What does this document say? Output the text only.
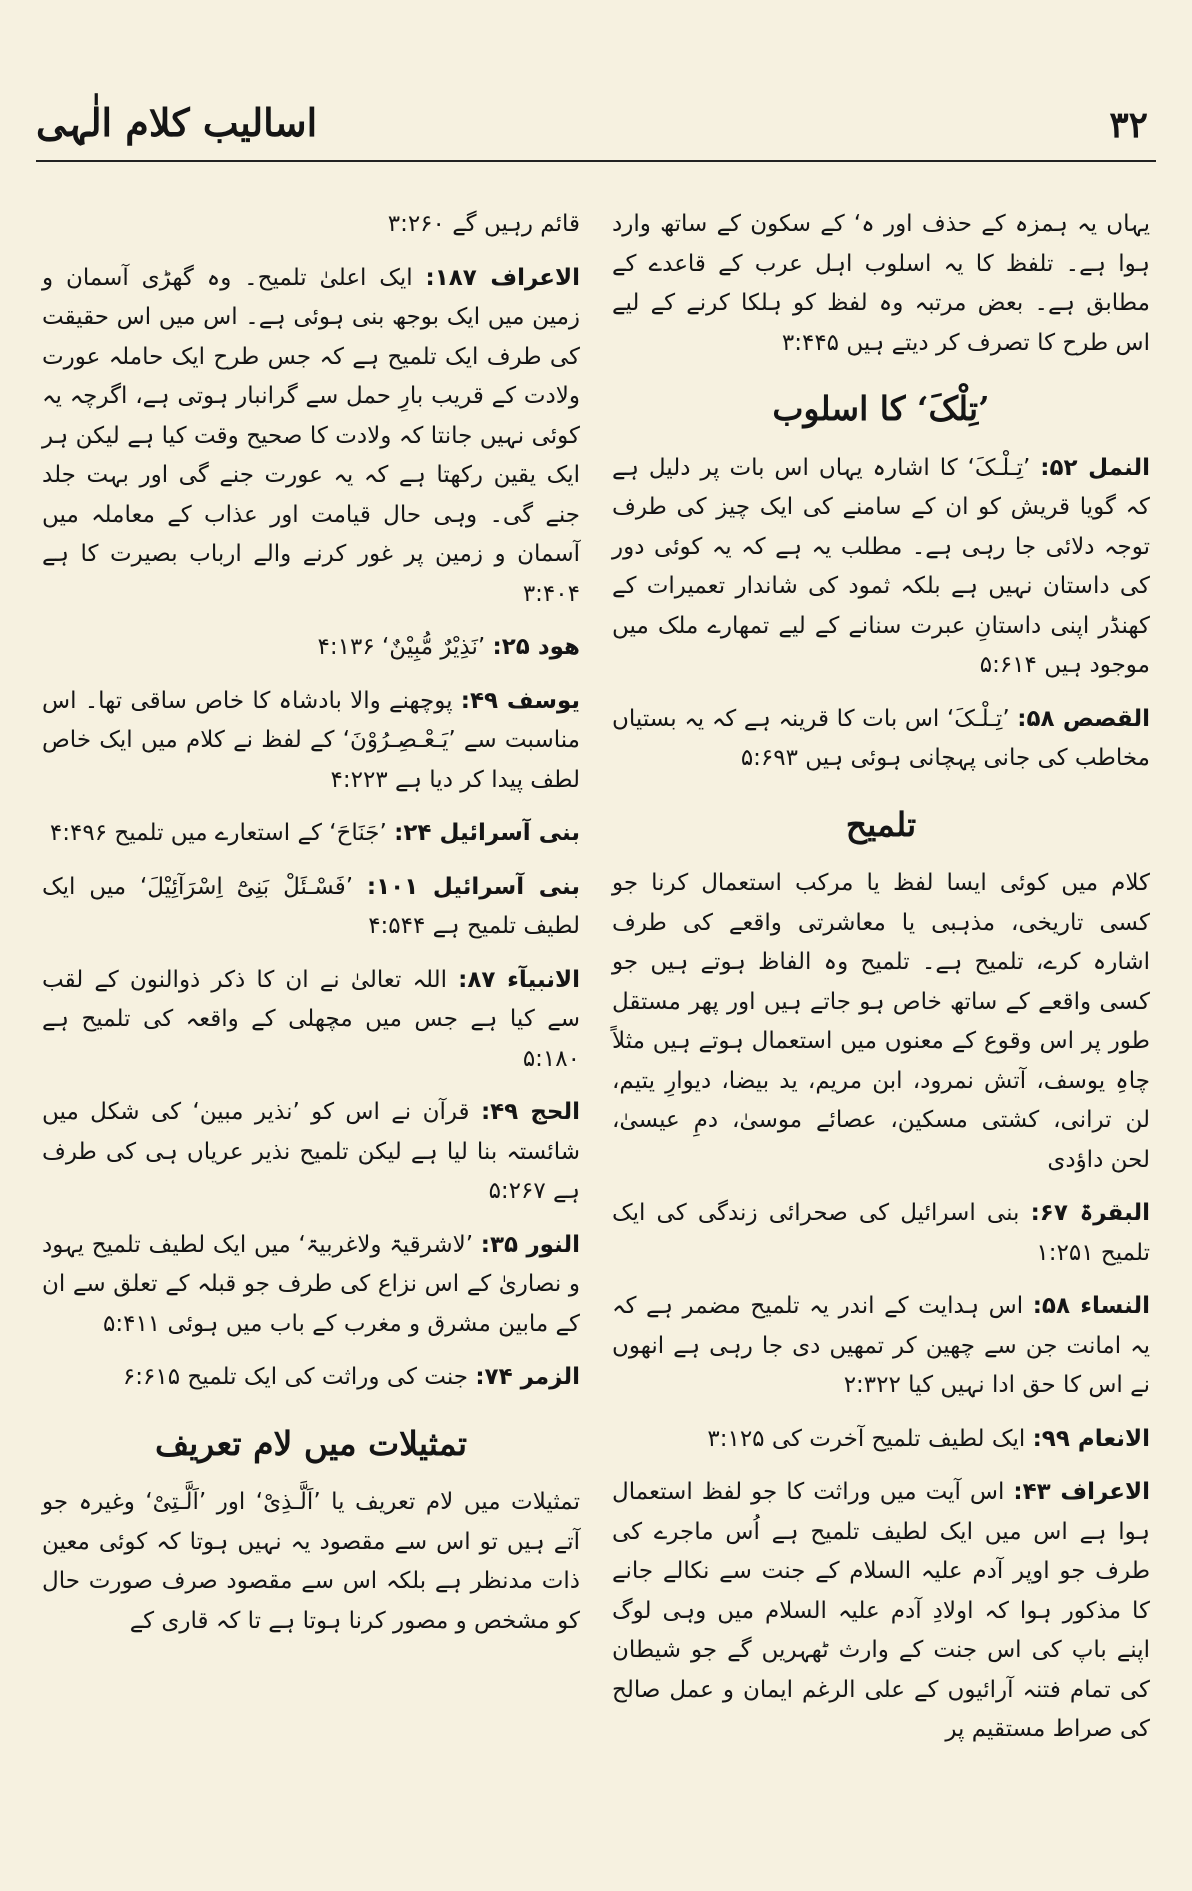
اسالیب کلام الٰہی	۳۲

یہاں یہ ہمزہ کے حذف اور ہ‘ کے سکون کے ساتھ وارد ہوا ہے۔ تلفظ کا یہ اسلوب اہل عرب کے قاعدے کے مطابق ہے۔ بعض مرتبہ وہ لفظ کو ہلکا کرنے کے لیے اس طرح کا تصرف کر دیتے ہیں ۳:۴۴۵

’تِلْکَ‘ کا اسلوب

النمل ۵۲: ’تِـلْـکَ‘ کا اشارہ یہاں اس بات پر دلیل ہے کہ گویا قریش کو ان کے سامنے کی ایک چیز کی طرف توجہ دلائی جا رہی ہے۔ مطلب یہ ہے کہ یہ کوئی دور کی داستان نہیں ہے بلکہ ثمود کی شاندار تعمیرات کے کھنڈر اپنی داستانِ عبرت سنانے کے لیے تمھارے ملک میں موجود ہیں ۵:۶۱۴

القصص ۵۸: ’تِـلْـکَ‘ اس بات کا قرینہ ہے کہ یہ بستیاں مخاطب کی جانی پہچانی ہوئی ہیں ۵:۶۹۳

تلمیح

کلام میں کوئی ایسا لفظ یا مرکب استعمال کرنا جو کسی تاریخی، مذہبی یا معاشرتی واقعے کی طرف اشارہ کرے، تلمیح ہے۔ تلمیح وہ الفاظ ہوتے ہیں جو کسی واقعے کے ساتھ خاص ہو جاتے ہیں اور پھر مستقل طور پر اس وقوع کے معنوں میں استعمال ہوتے ہیں مثلاً چاہِ یوسف، آتش نمرود، ابن مریم، ید بیضا، دیوارِ یتیم، لن ترانی، کشتی مسکین، عصائے موسیٰ، دمِ عیسیٰ، لحن داؤدی

البقرۃ ۶۷: بنی اسرائیل کی صحرائی زندگی کی ایک تلمیح ۱:۲۵۱

النساء ۵۸: اس ہدایت کے اندر یہ تلمیح مضمر ہے کہ یہ امانت جن سے چھین کر تمھیں دی جا رہی ہے انھوں نے اس کا حق ادا نہیں کیا ۲:۳۲۲

الانعام ۹۹: ایک لطیف تلمیح آخرت کی ۳:۱۲۵

الاعراف ۴۳: اس آیت میں وراثت کا جو لفظ استعمال ہوا ہے اس میں ایک لطیف تلمیح ہے اُس ماجرے کی طرف جو اوپر آدم علیہ السلام کے جنت سے نکالے جانے کا مذکور ہوا کہ اولادِ آدم علیہ السلام میں وہی لوگ اپنے باپ کی اس جنت کے وارث ٹھہریں گے جو شیطان کی تمام فتنہ آرائیوں کے علی الرغم ایمان و عمل صالح کی صراط مستقیم پر

قائم رہیں گے ۳:۲۶۰

الاعراف ۱۸۷: ایک اعلیٰ تلمیح۔ وہ گھڑی آسمان و زمین میں ایک بوجھ بنی ہوئی ہے۔ اس میں اس حقیقت کی طرف ایک تلمیح ہے کہ جس طرح ایک حاملہ عورت ولادت کے قریب بارِ حمل سے گرانبار ہوتی ہے، اگرچہ یہ کوئی نہیں جانتا کہ ولادت کا صحیح وقت کیا ہے لیکن ہر ایک یقین رکھتا ہے کہ یہ عورت جنے گی اور بہت جلد جنے گی۔ وہی حال قیامت اور عذاب کے معاملہ میں آسمان و زمین پر غور کرنے والے ارباب بصیرت کا ہے ۳:۴۰۴

ھود ۲۵: ’نَذِیْرٌ مُّبِیْنٌ‘ ۴:۱۳۶

یوسف ۴۹: پوچھنے والا بادشاہ کا خاص ساقی تھا۔ اس مناسبت سے ’یَـعْـصِـرُوْنَ‘ کے لفظ نے کلام میں ایک خاص لطف پیدا کر دیا ہے ۴:۲۲۳

بنی آسرائیل ۲۴: ’جَنَاحَ‘ کے استعارے میں تلمیح ۴:۴۹۶

بنی آسرائیل ۱۰۱: ’فَسْـئَلْ بَنِیْٓ اِسْرَآئِیْلَ‘ میں ایک لطیف تلمیح ہے ۴:۵۴۴

الانبیآء ۸۷: اللہ تعالیٰ نے ان کا ذکر ذوالنون کے لقب سے کیا ہے جس میں مچھلی کے واقعہ کی تلمیح ہے ۵:۱۸۰

الحج ۴۹: قرآن نے اس کو ’نذیر مبین‘ کی شکل میں شائستہ بنا لیا ہے لیکن تلمیح نذیر عریاں ہی کی طرف ہے ۵:۲۶۷

النور ۳۵: ’لاشرقیۃ ولاغربیۃ‘ میں ایک لطیف تلمیح یہود و نصاریٰ کے اس نزاع کی طرف جو قبلہ کے تعلق سے ان کے مابین مشرق و مغرب کے باب میں ہوئی ۵:۴۱۱

الزمر ۷۴: جنت کی وراثت کی ایک تلمیح ۶:۶۱۵

تمثیلات میں لام تعریف

تمثیلات میں لام تعریف یا ’اَلَّـذِیْ‘ اور ’اَلَّـتِیْ‘ وغیرہ جو آتے ہیں تو اس سے مقصود یہ نہیں ہوتا کہ کوئی معین ذات مدنظر ہے بلکہ اس سے مقصود صرف صورت حال کو مشخص و مصور کرنا ہوتا ہے تا کہ قاری کے
